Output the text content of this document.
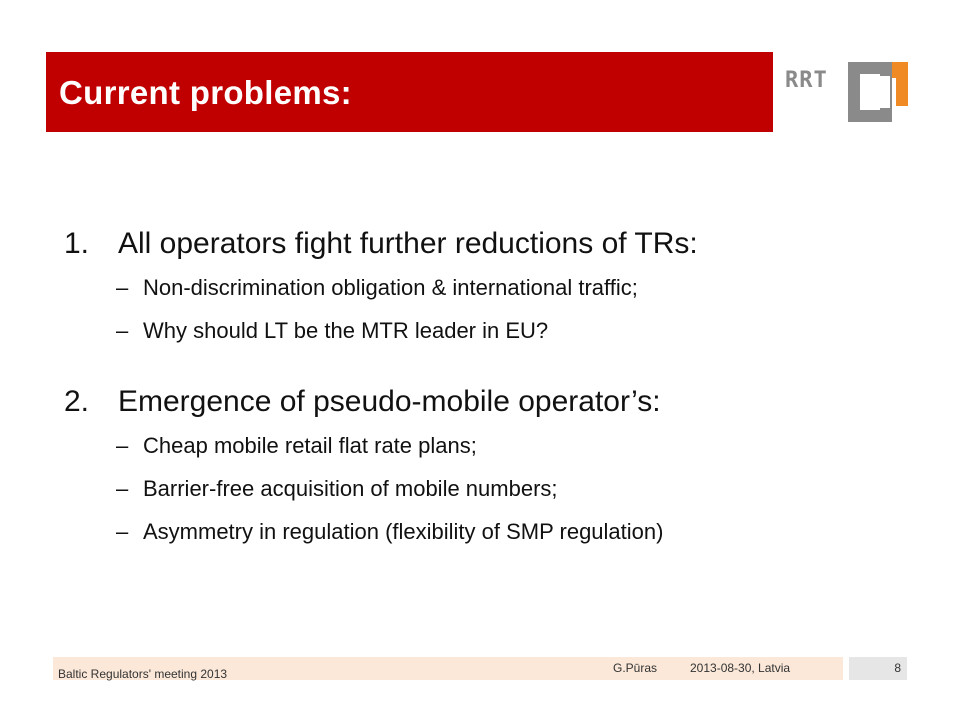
Current problems:	RRT
1. All operators fight further reductions of TRs:
– Non-discrimination obligation & international traffic;
– Why should LT be the MTR leader in EU?
2. Emergence of pseudo-mobile operator’s:
– Cheap mobile retail flat rate plans;
– Barrier-free acquisition of mobile numbers;
– Asymmetry in regulation (flexibility of SMP regulation)
Baltic Regulators' meeting 2013	G.Pūras	2013-08-30, Latvia	8
